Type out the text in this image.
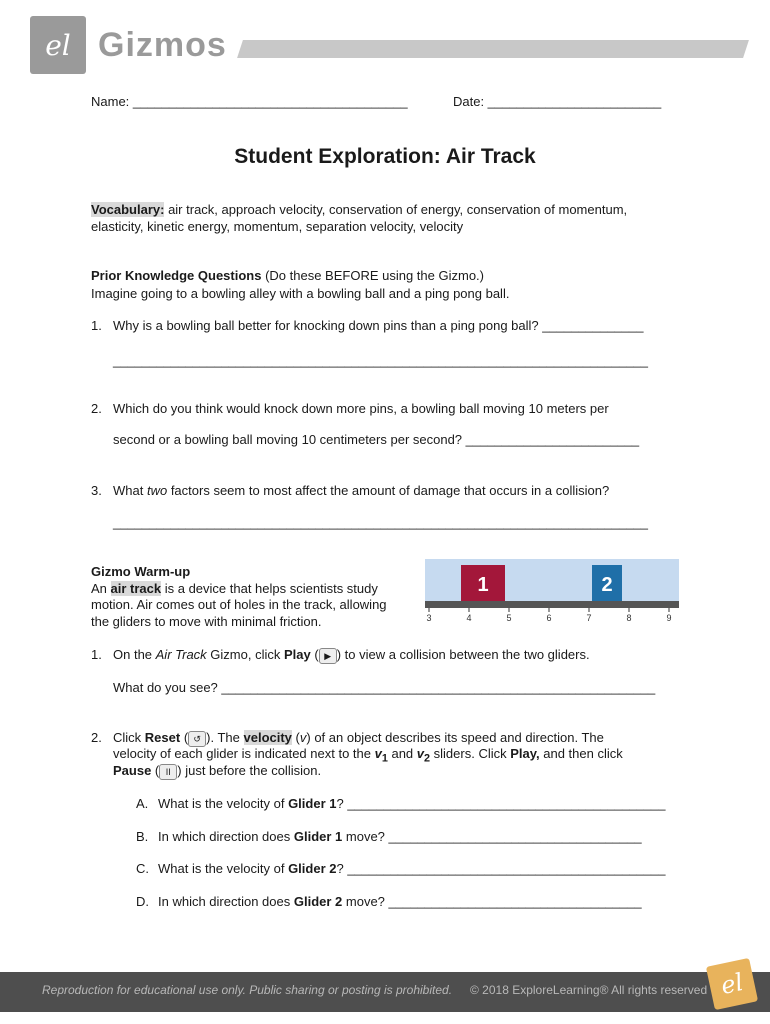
el Gizmos
Name: ______________________________________	Date: ________________________
Student Exploration: Air Track
Vocabulary: air track, approach velocity, conservation of energy, conservation of momentum,
elasticity, kinetic energy, momentum, separation velocity, velocity
Prior Knowledge Questions (Do these BEFORE using the Gizmo.)
Imagine going to a bowling alley with a bowling ball and a ping pong ball.
1. Why is a bowling ball better for knocking down pins than a ping pong ball? ______________
__________________________________________________________________________
2. Which do you think would knock down more pins, a bowling ball moving 10 meters per
second or a bowling ball moving 10 centimeters per second? ________________________
3. What two factors seem to most affect the amount of damage that occurs in a collision?
__________________________________________________________________________
Gizmo Warm-up
An air track is a device that helps scientists study
motion. Air comes out of holes in the track, allowing
the gliders to move with minimal friction.
1	2
3	4	5	6	7	8	9
1. On the Air Track Gizmo, click Play ( ▶ ) to view a collision between the two gliders.
What do you see? ____________________________________________________________
2. Click Reset ( ↺ ). The velocity (v) of an object describes its speed and direction. The
velocity of each glider is indicated next to the $v_1$ and $v_2$ sliders. Click Play, and then click
Pause ( II ) just before the collision.
A. What is the velocity of Glider 1? ____________________________________________
B. In which direction does Glider 1 move? ___________________________________
C. What is the velocity of Glider 2? ____________________________________________
D. In which direction does Glider 2 move? ___________________________________
Reproduction for educational use only. Public sharing or posting is prohibited. © 2018 ExploreLearning® All rights reserved el
